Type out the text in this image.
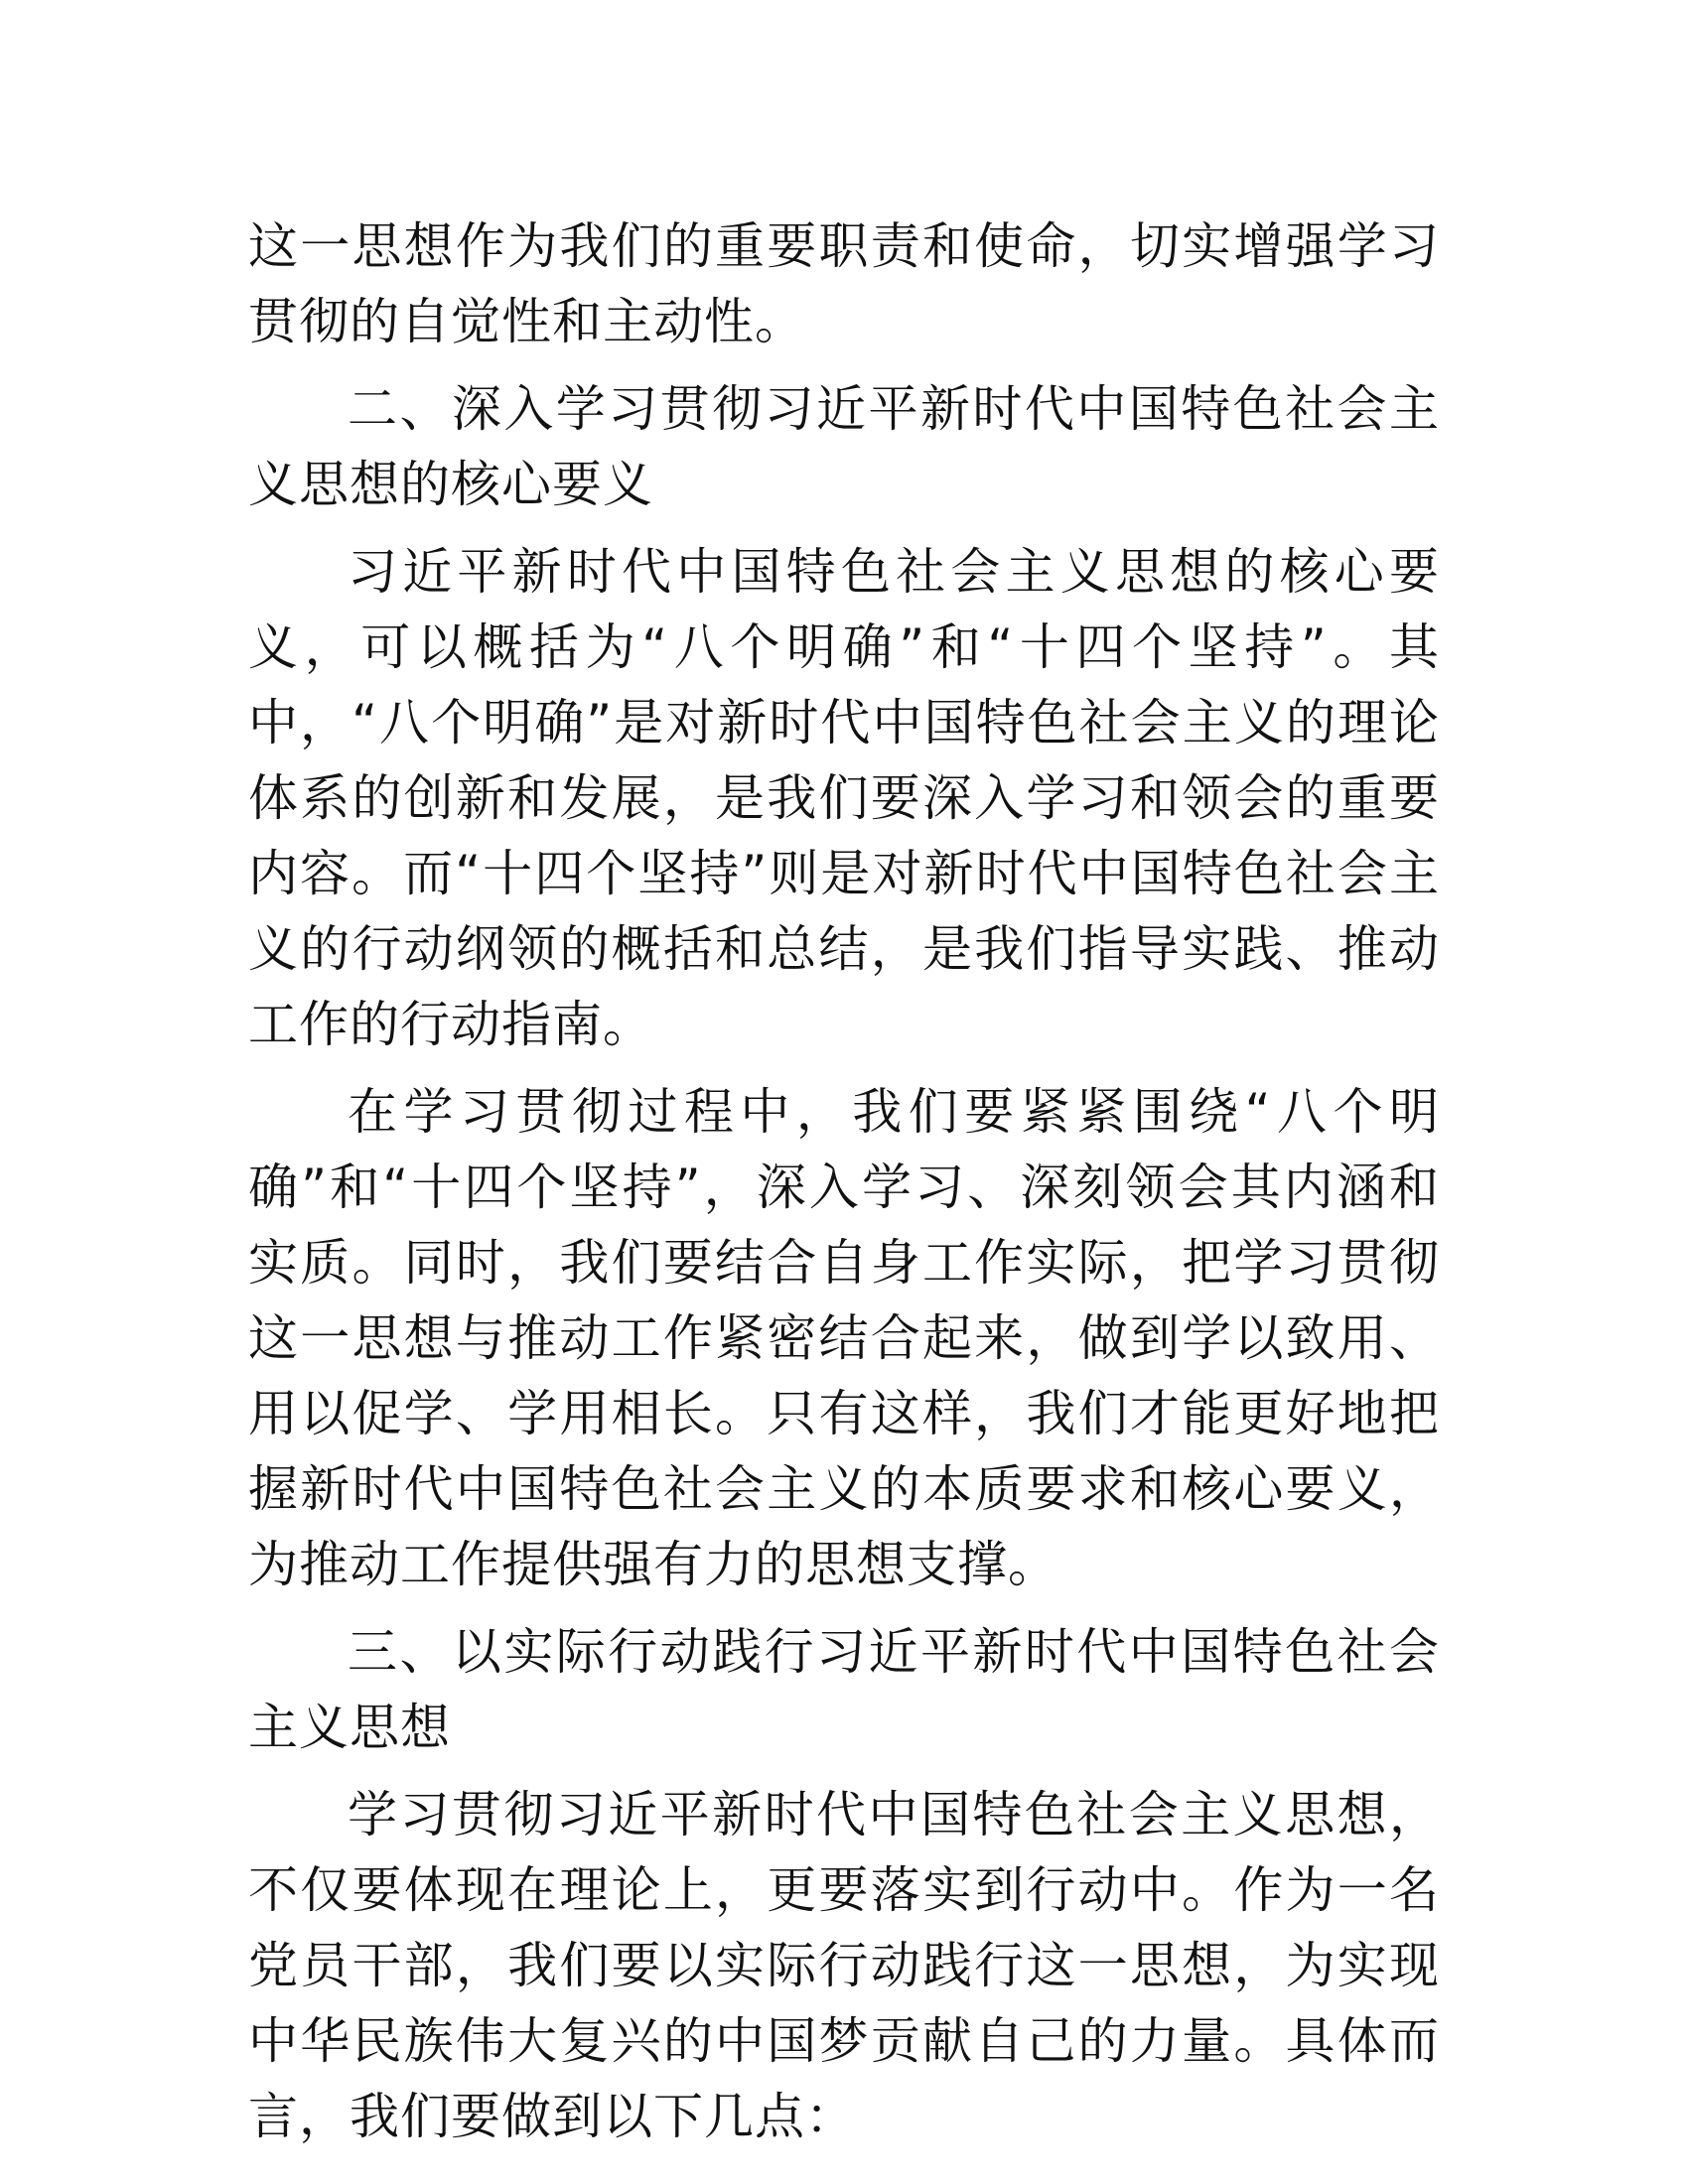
这一思想作为我们的重要职责和使命，切实增强学习贯彻的自觉性和主动性。

二、深入学习贯彻习近平新时代中国特色社会主义思想的核心要义

习近平新时代中国特色社会主义思想的核心要义，可以概括为“八个明确”和“十四个坚持”。其中，“八个明确”是对新时代中国特色社会主义的理论体系的创新和发展，是我们要深入学习和领会的重要内容。而“十四个坚持”则是对新时代中国特色社会主义的行动纲领的概括和总结，是我们指导实践、推动工作的行动指南。

在学习贯彻过程中，我们要紧紧围绕“八个明确”和“十四个坚持”，深入学习、深刻领会其内涵和实质。同时，我们要结合自身工作实际，把学习贯彻这一思想与推动工作紧密结合起来，做到学以致用、用以促学、学用相长。只有这样，我们才能更好地把握新时代中国特色社会主义的本质要求和核心要义，为推动工作提供强有力的思想支撑。

三、以实际行动践行习近平新时代中国特色社会主义思想

学习贯彻习近平新时代中国特色社会主义思想，不仅要体现在理论上，更要落实到行动中。作为一名党员干部，我们要以实际行动践行这一思想，为实现中华民族伟大复兴的中国梦贡献自己的力量。具体而言，我们要做到以下几点：
